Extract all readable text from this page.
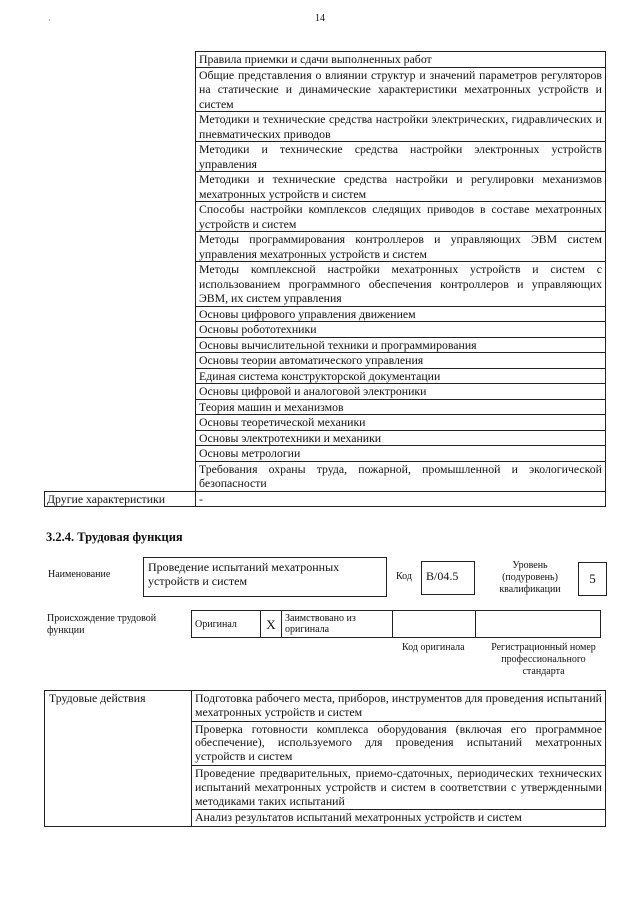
14
·
	Правила приемки и сдачи выполненных работ
	Общие представления о влиянии структур и значений параметров регуляторов на статические и динамические характеристики мехатронных устройств и систем
	Методики и технические средства настройки электрических, гидравлических и пневматических приводов
	Методики и технические средства настройки электронных устройств управления
	Методики и технические средства настройки и регулировки механизмов мехатронных устройств и систем
	Способы настройки комплексов следящих приводов в составе мехатронных устройств и систем
	Методы программирования контроллеров и управляющих ЭВМ систем управления мехатронных устройств и систем
	Методы комплексной настройки мехатронных устройств и систем с использованием программного обеспечения контроллеров и управляющих ЭВМ, их систем управления
	Основы цифрового управления движением
	Основы робототехники
	Основы вычислительной техники и программирования
	Основы теории автоматического управления
	Единая система конструкторской документации
	Основы цифровой и аналоговой электроники
	Теория машин и механизмов
	Основы теоретической механики
	Основы электротехники и механики
	Основы метрологии
	Требования охраны труда, пожарной, промышленной и экологической безопасности
Другие характеристики	-
3.2.4. Трудовая функция
Наименование
Проведение испытаний мехатронных устройств и систем	Код	B/04.5
Уровень (подуровень) квалификации
5
Происхождение трудовой
функции
Оригинал	X	Заимствовано из оригинала		
Код оригинала	Регистрационный номер профессионального стандарта
Трудовые действия	Подготовка рабочего места, приборов, инструментов для проведения испытаний мехатронных устройств и систем
Проверка готовности комплекса оборудования (включая его программное обеспечение), используемого для проведения испытаний мехатронных устройств и систем
Проведение предварительных, приемо-сдаточных, периодических технических испытаний мехатронных устройств и систем в соответствии с утвержденными методиками таких испытаний
Анализ результатов испытаний мехатронных устройств и систем
